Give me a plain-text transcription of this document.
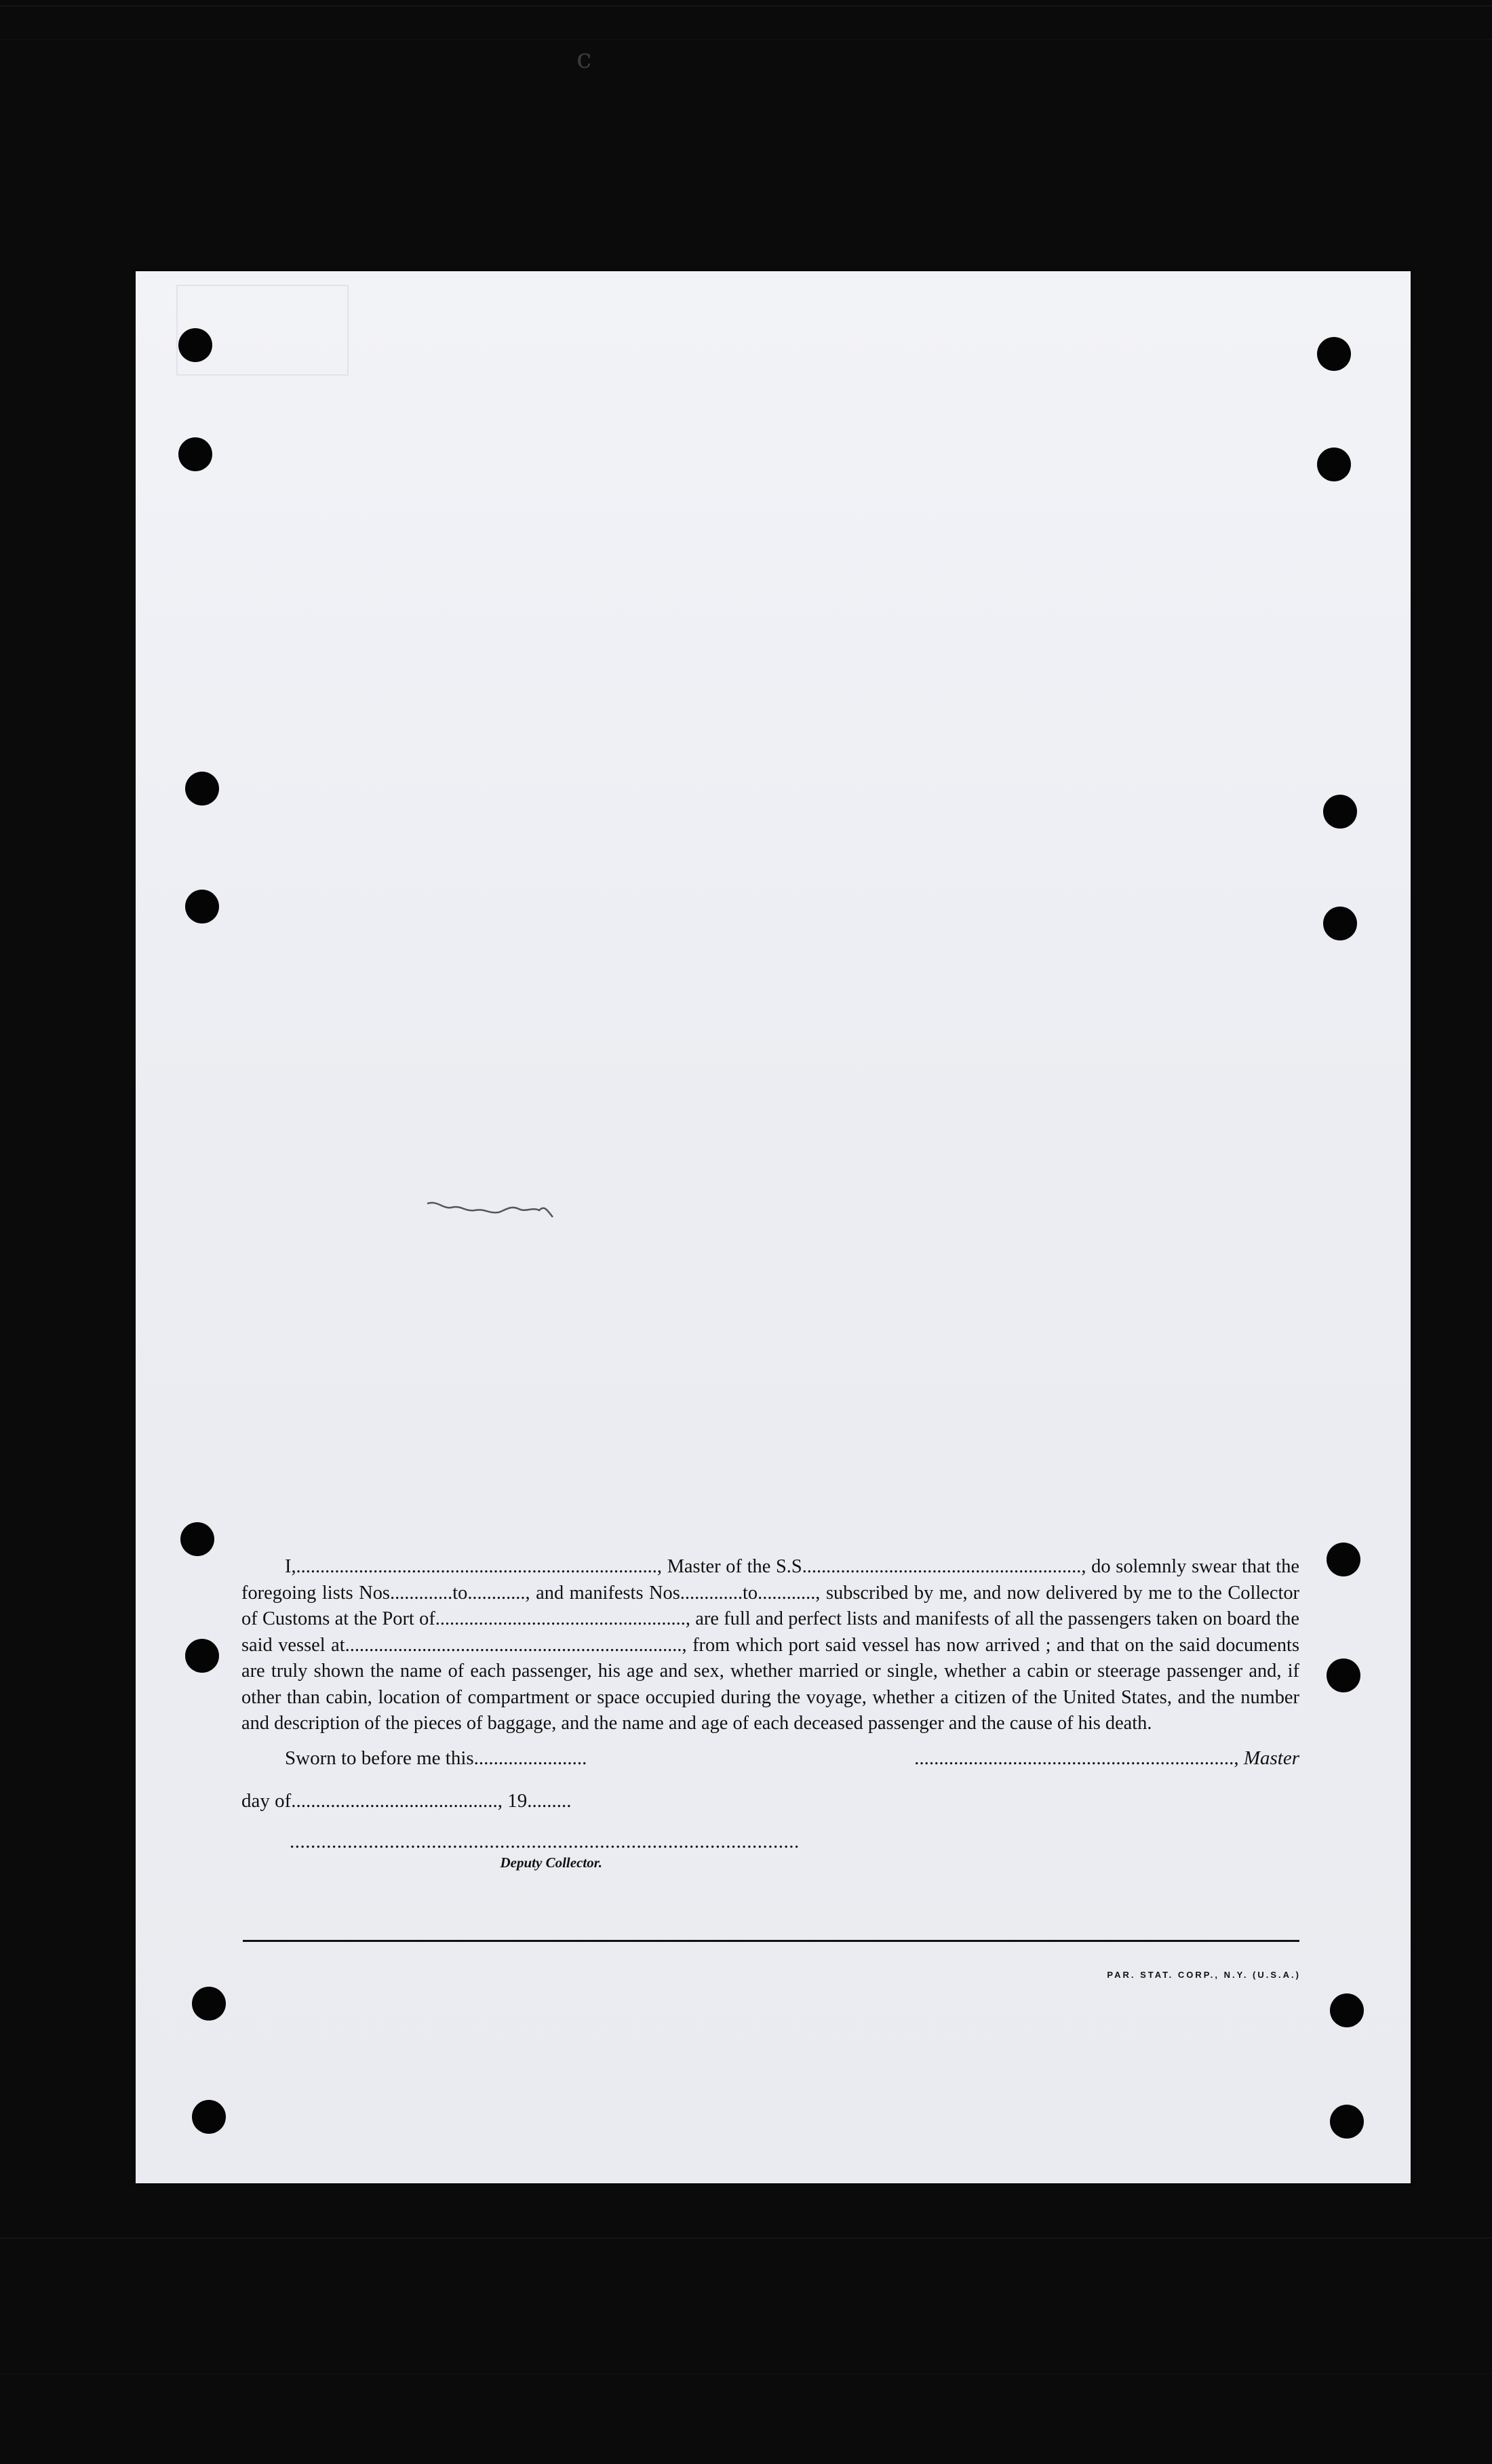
c

I,..........................................................................., Master of the S.S.........................................................., do solemnly swear that the foregoing lists Nos.............to............, and manifests Nos.............to............, subscribed by me, and now delivered by me to the Collector of Customs at the Port of...................................................., are full and perfect lists and manifests of all the passengers taken on board the said vessel at......................................................................, from which port said vessel has now arrived ; and that on the said documents are truly shown the name of each passenger, his age and sex, whether married or single, whether a cabin or steerage passenger and, if other than cabin, location of compartment or space occupied during the voyage, whether a citizen of the United States, and the number and description of the pieces of baggage, and the name and age of each deceased passenger and the cause of his death.

Sworn to before me this.......................	................................................................., Master
day of.........................................., 19.........
.................................................................................................
Deputy Collector.
PAR. STAT. CORP., N.Y. (U.S.A.)
